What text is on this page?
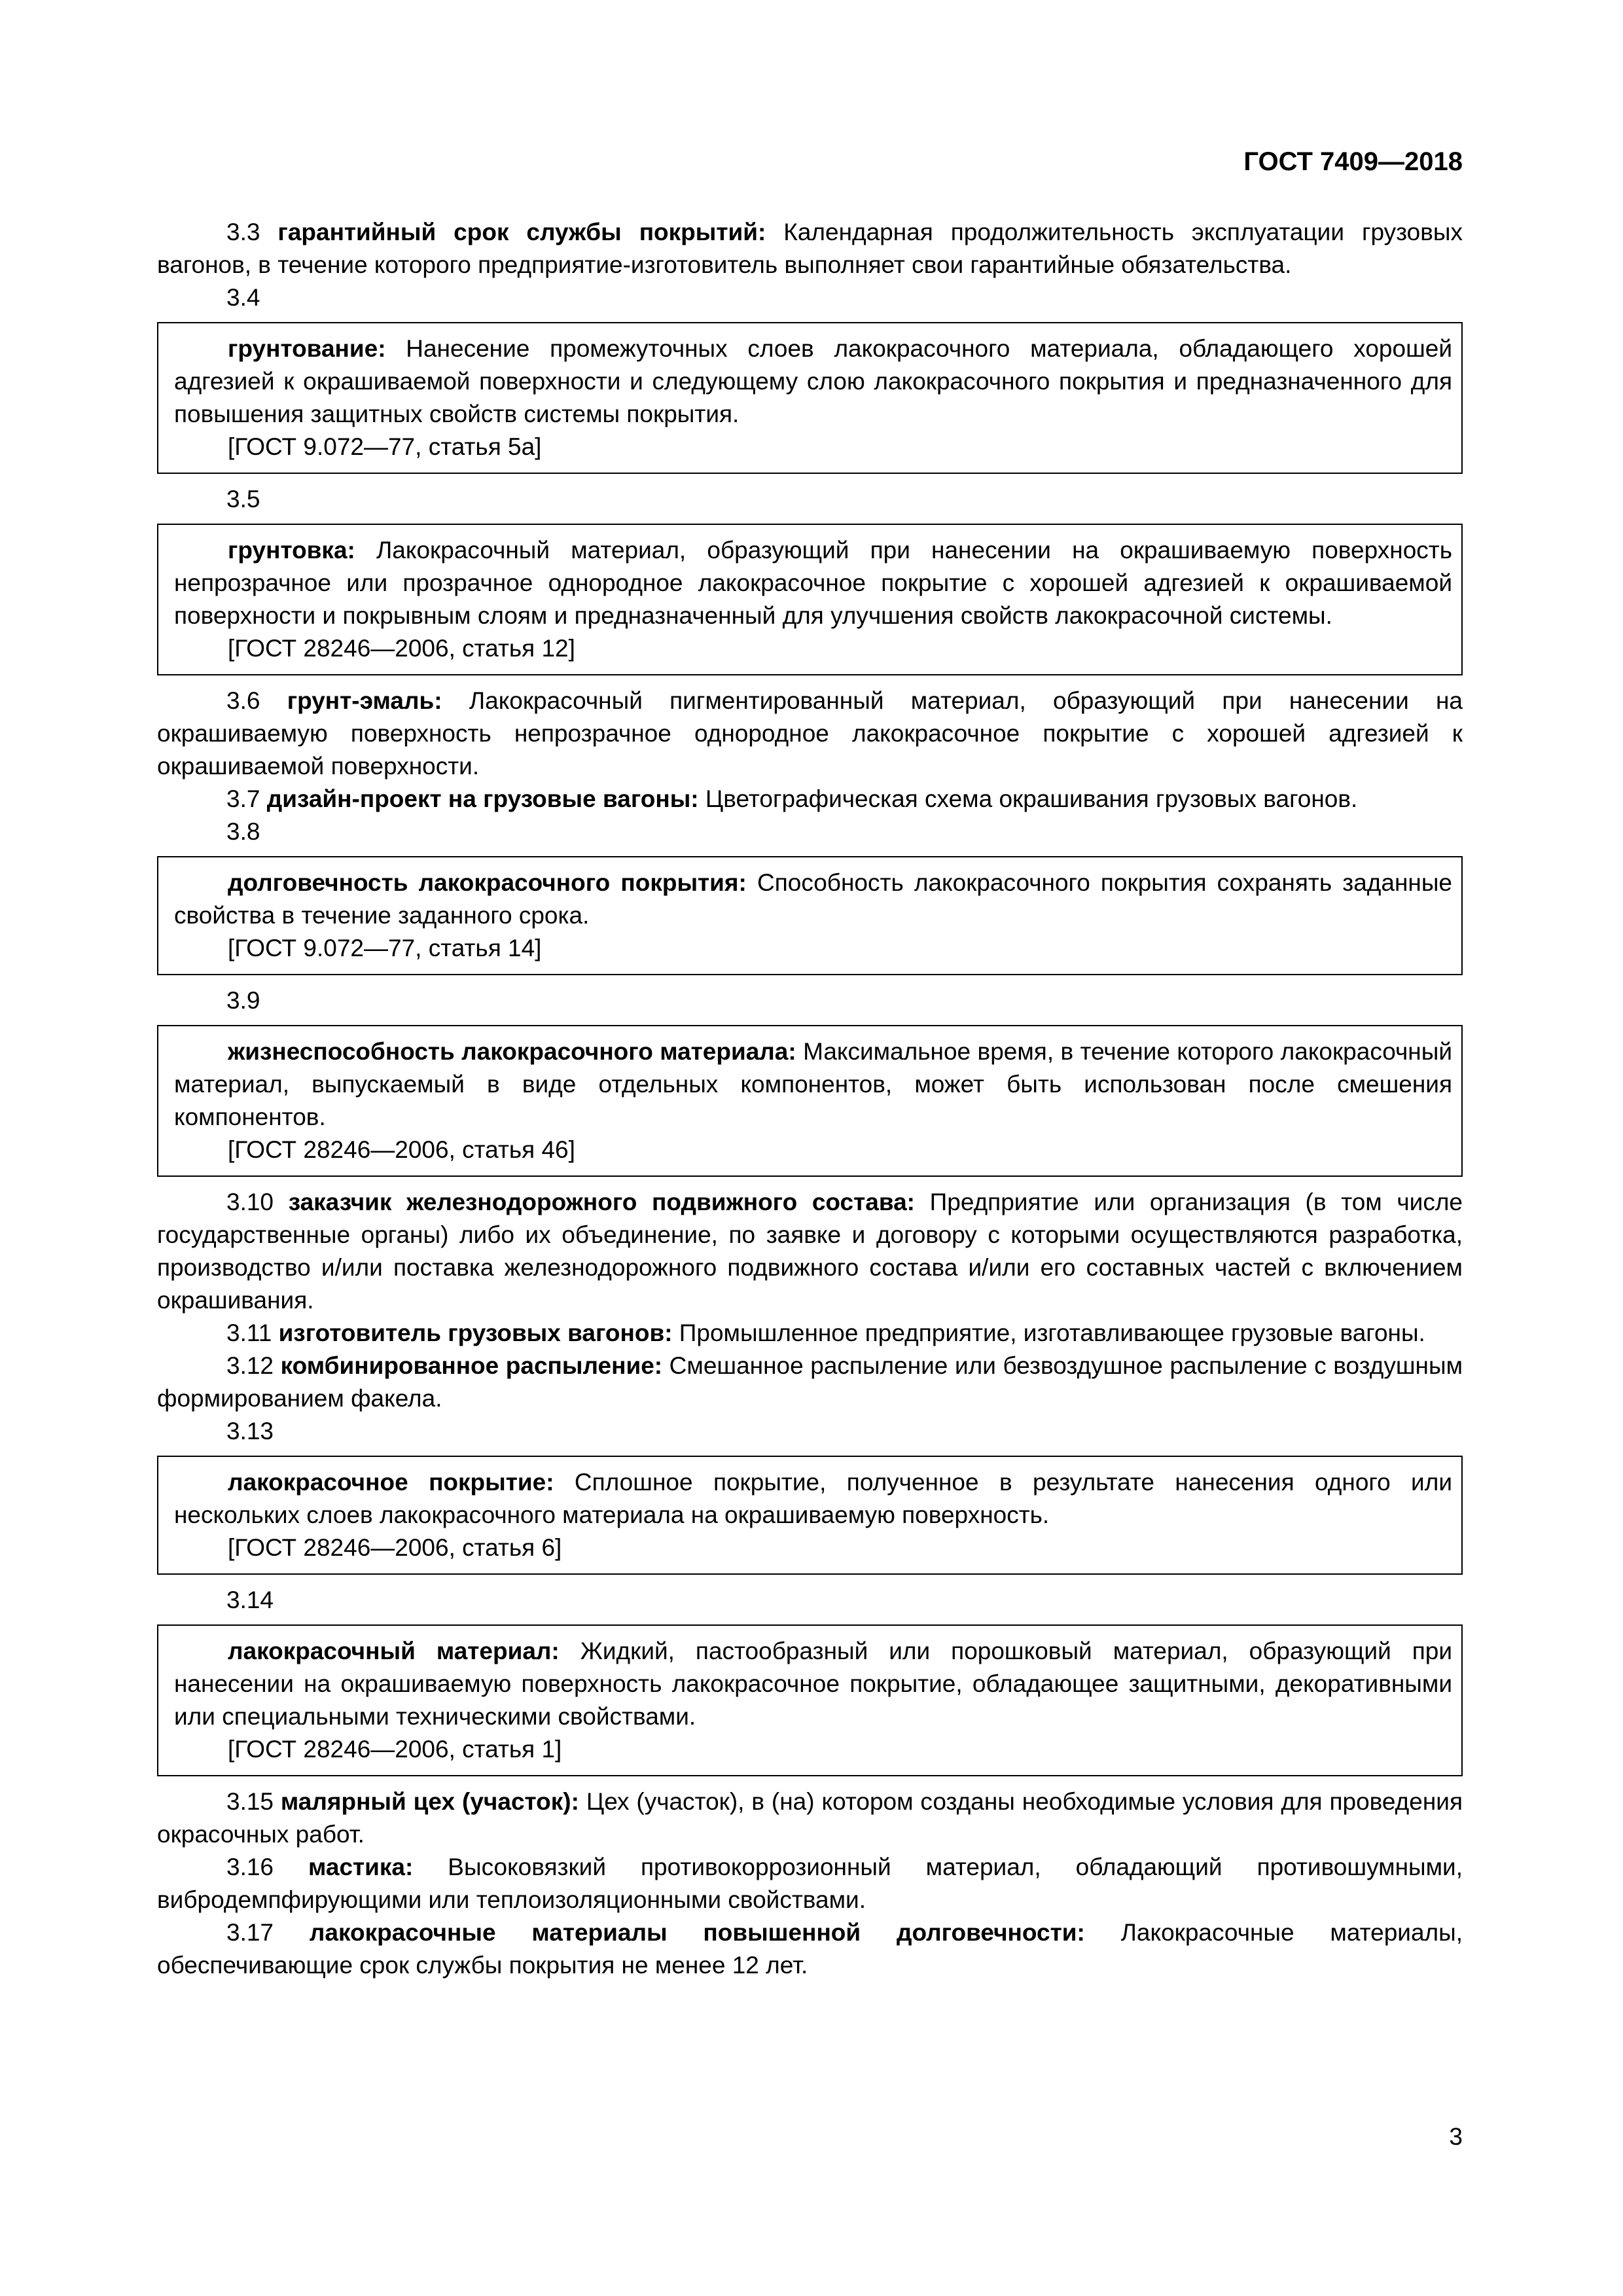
ГОСТ 7409—2018

3.3 гарантийный срок службы покрытий: Календарная продолжительность эксплуатации грузовых вагонов, в течение которого предприятие-изготовитель выполняет свои гарантийные обязательства.

3.4

грунтование: Нанесение промежуточных слоев лакокрасочного материала, обладающего хорошей адгезией к окрашиваемой поверхности и следующему слою лакокрасочного покрытия и предназначенного для повышения защитных свойств системы покрытия.

[ГОСТ 9.072—77, статья 5а]

3.5

грунтовка: Лакокрасочный материал, образующий при нанесении на окрашиваемую поверхность непрозрачное или прозрачное однородное лакокрасочное покрытие с хорошей адгезией к окрашиваемой поверхности и покрывным слоям и предназначенный для улучшения свойств лакокрасочной системы.

[ГОСТ 28246—2006, статья 12]

3.6 грунт-эмаль: Лакокрасочный пигментированный материал, образующий при нанесении на окрашиваемую поверхность непрозрачное однородное лакокрасочное покрытие с хорошей адгезией к окрашиваемой поверхности.

3.7 дизайн-проект на грузовые вагоны: Цветографическая схема окрашивания грузовых вагонов.

3.8

долговечность лакокрасочного покрытия: Способность лакокрасочного покрытия сохранять заданные свойства в течение заданного срока.

[ГОСТ 9.072—77, статья 14]

3.9

жизнеспособность лакокрасочного материала: Максимальное время, в течение которого лакокрасочный материал, выпускаемый в виде отдельных компонентов, может быть использован после смешения компонентов.

[ГОСТ 28246—2006, статья 46]

3.10 заказчик железнодорожного подвижного состава: Предприятие или организация (в том числе государственные органы) либо их объединение, по заявке и договору с которыми осуществляются разработка, производство и/или поставка железнодорожного подвижного состава и/или его составных частей с включением окрашивания.

3.11 изготовитель грузовых вагонов: Промышленное предприятие, изготавливающее грузовые вагоны.

3.12 комбинированное распыление: Смешанное распыление или безвоздушное распыление с воздушным формированием факела.

3.13

лакокрасочное покрытие: Сплошное покрытие, полученное в результате нанесения одного или нескольких слоев лакокрасочного материала на окрашиваемую поверхность.

[ГОСТ 28246—2006, статья 6]

3.14

лакокрасочный материал: Жидкий, пастообразный или порошковый материал, образующий при нанесении на окрашиваемую поверхность лакокрасочное покрытие, обладающее защитными, декоративными или специальными техническими свойствами.

[ГОСТ 28246—2006, статья 1]

3.15 малярный цех (участок): Цех (участок), в (на) котором созданы необходимые условия для проведения окрасочных работ.

3.16 мастика: Высоковязкий противокоррозионный материал, обладающий противошумными, вибродемпфирующими или теплоизоляционными свойствами.

3.17 лакокрасочные материалы повышенной долговечности: Лакокрасочные материалы, обеспечивающие срок службы покрытия не менее 12 лет.

3
